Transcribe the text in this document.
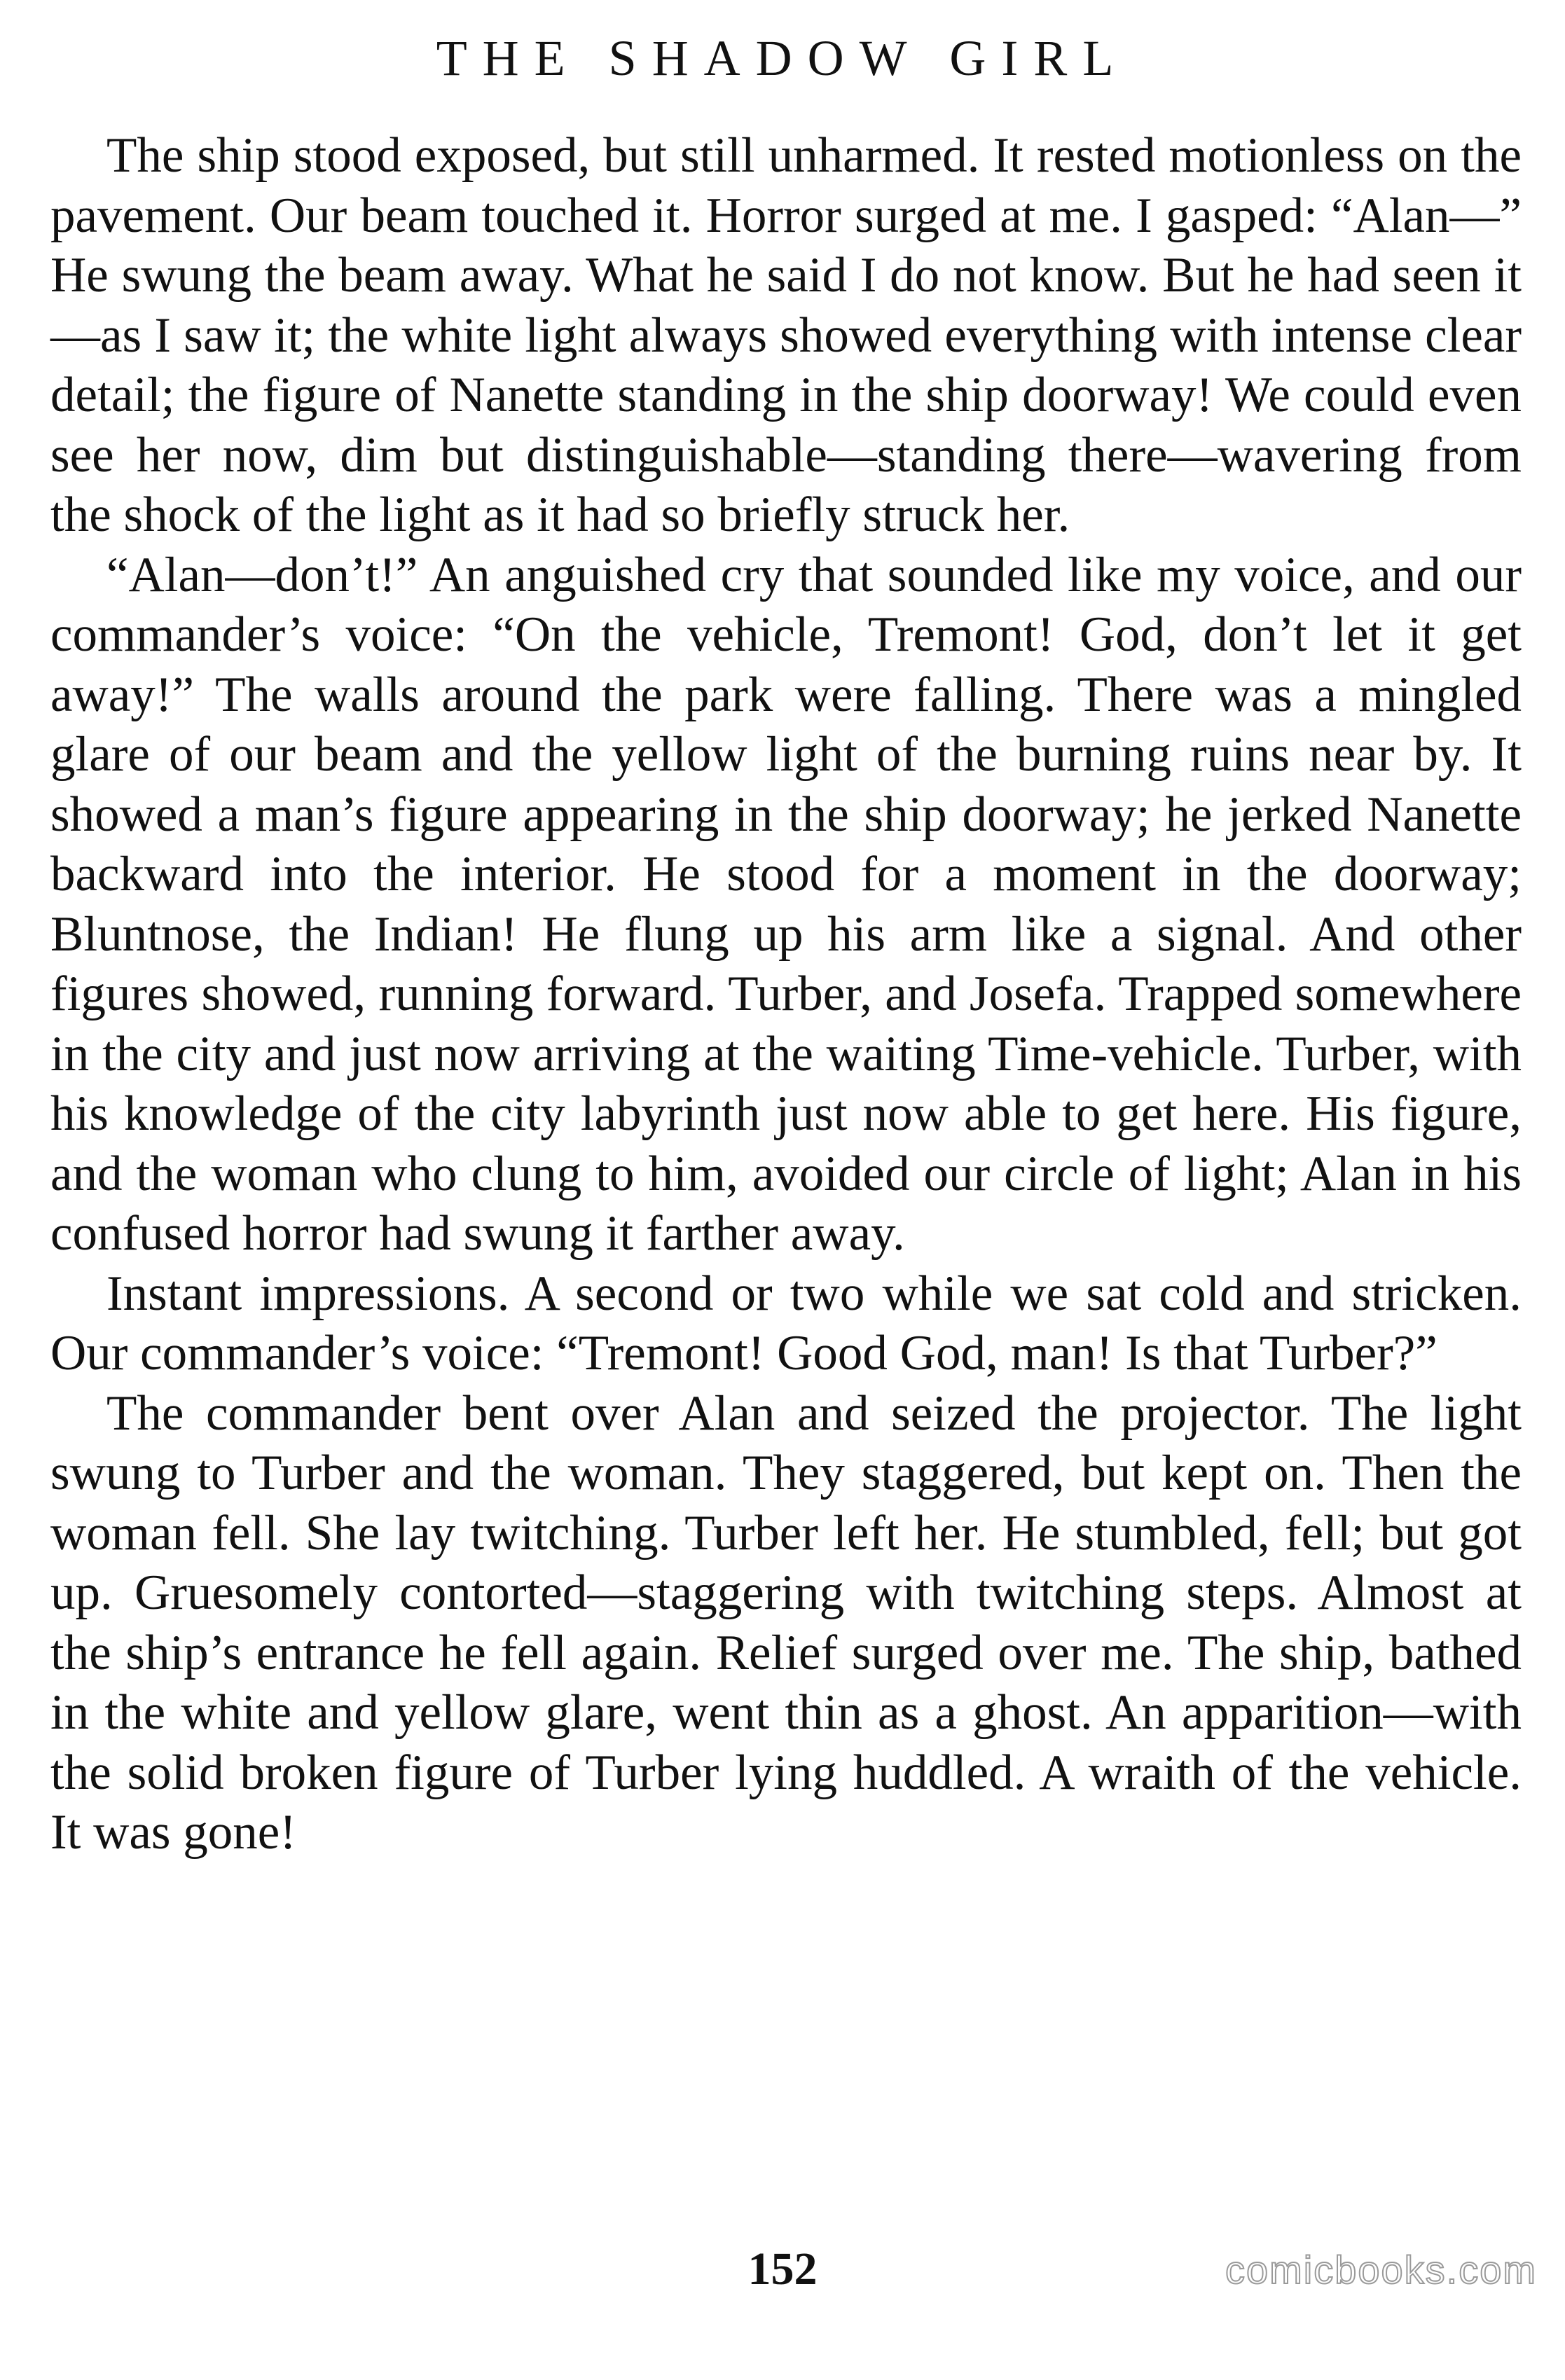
THE SHADOW GIRL

The ship stood exposed, but still unharmed. It rested motionless on the pavement. Our beam touched it. Horror surged at me. I gasped: “Alan—” He swung the beam away. What he said I do not know. But he had seen it—as I saw it; the white light always showed everything with intense clear detail; the figure of Nanette standing in the ship doorway! We could even see her now, dim but distinguishable—standing there—wavering from the shock of the light as it had so briefly struck her.

“Alan—don’t!” An anguished cry that sounded like my voice, and our commander’s voice: “On the vehicle, Tremont! God, don’t let it get away!” The walls around the park were falling. There was a mingled glare of our beam and the yellow light of the burning ruins near by. It showed a man’s figure appearing in the ship doorway; he jerked Nanette backward into the interior. He stood for a moment in the doorway; Bluntnose, the Indian! He flung up his arm like a signal. And other figures showed, running forward. Turber, and Josefa. Trapped somewhere in the city and just now arriving at the waiting Time-vehicle. Turber, with his knowledge of the city labyrinth just now able to get here. His figure, and the woman who clung to him, avoided our circle of light; Alan in his confused horror had swung it farther away.

Instant impressions. A second or two while we sat cold and stricken. Our commander’s voice: “Tremont! Good God, man! Is that Turber?”

The commander bent over Alan and seized the projector. The light swung to Turber and the woman. They staggered, but kept on. Then the woman fell. She lay twitching. Turber left her. He stumbled, fell; but got up. Gruesomely contorted—staggering with twitching steps. Almost at the ship’s entrance he fell again. Relief surged over me. The ship, bathed in the white and yellow glare, went thin as a ghost. An apparition—with the solid broken figure of Turber lying huddled. A wraith of the vehicle. It was gone!

152	comicbooks.com
